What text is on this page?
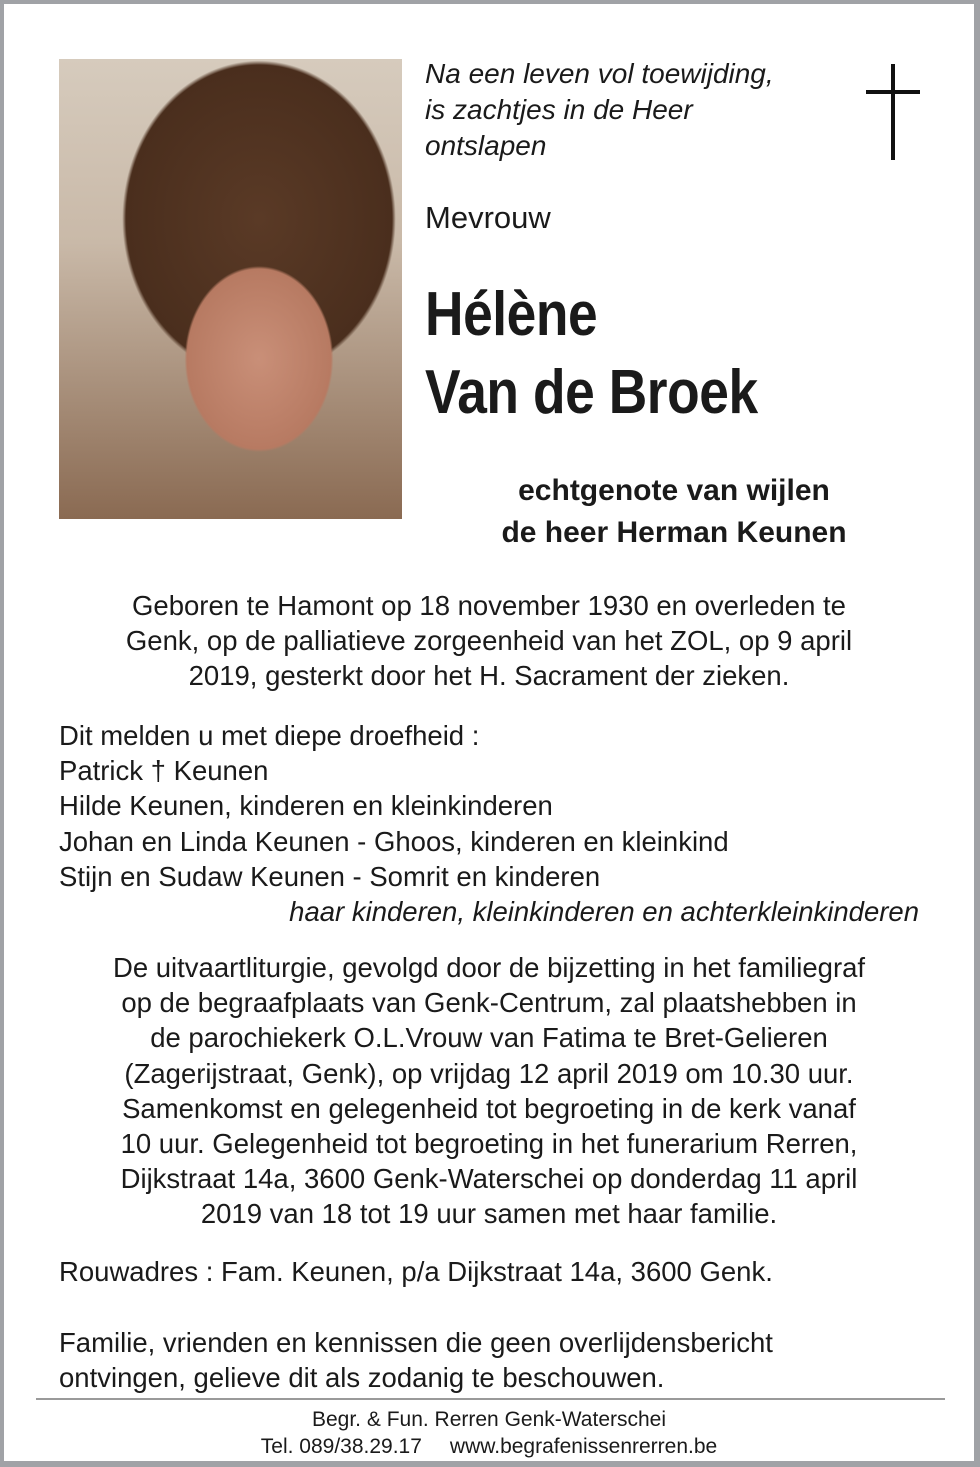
Na een leven vol toewijding,
is zachtjes in de Heer
ontslapen
Mevrouw
Hélène
Van de Broek
echtgenote van wijlen
de heer Herman Keunen
Geboren te Hamont op 18 november 1930 en overleden te
Genk, op de palliatieve zorgeenheid van het ZOL, op 9 april
2019, gesterkt door het H. Sacrament der zieken.
Dit melden u met diepe droefheid :
Patrick † Keunen
Hilde Keunen, kinderen en kleinkinderen
Johan en Linda Keunen - Ghoos, kinderen en kleinkind
Stijn en Sudaw Keunen - Somrit en kinderen
haar kinderen, kleinkinderen en achterkleinkinderen
De uitvaartliturgie, gevolgd door de bijzetting in het familiegraf
op de begraafplaats van Genk-Centrum, zal plaatshebben in
de parochiekerk O.L.Vrouw van Fatima te Bret-Gelieren
(Zagerijstraat, Genk), op vrijdag 12 april 2019 om 10.30 uur.
Samenkomst en gelegenheid tot begroeting in de kerk vanaf
10 uur. Gelegenheid tot begroeting in het funerarium Rerren,
Dijkstraat 14a, 3600 Genk-Waterschei op donderdag 11 april
2019 van 18 tot 19 uur samen met haar familie.
Rouwadres : Fam. Keunen, p/a Dijkstraat 14a, 3600 Genk.
Familie, vrienden en kennissen die geen overlijdensbericht
ontvingen, gelieve dit als zodanig te beschouwen.
Begr. & Fun. Rerren Genk-Waterschei
Tel. 089/38.29.17 www.begrafenissenrerren.be
